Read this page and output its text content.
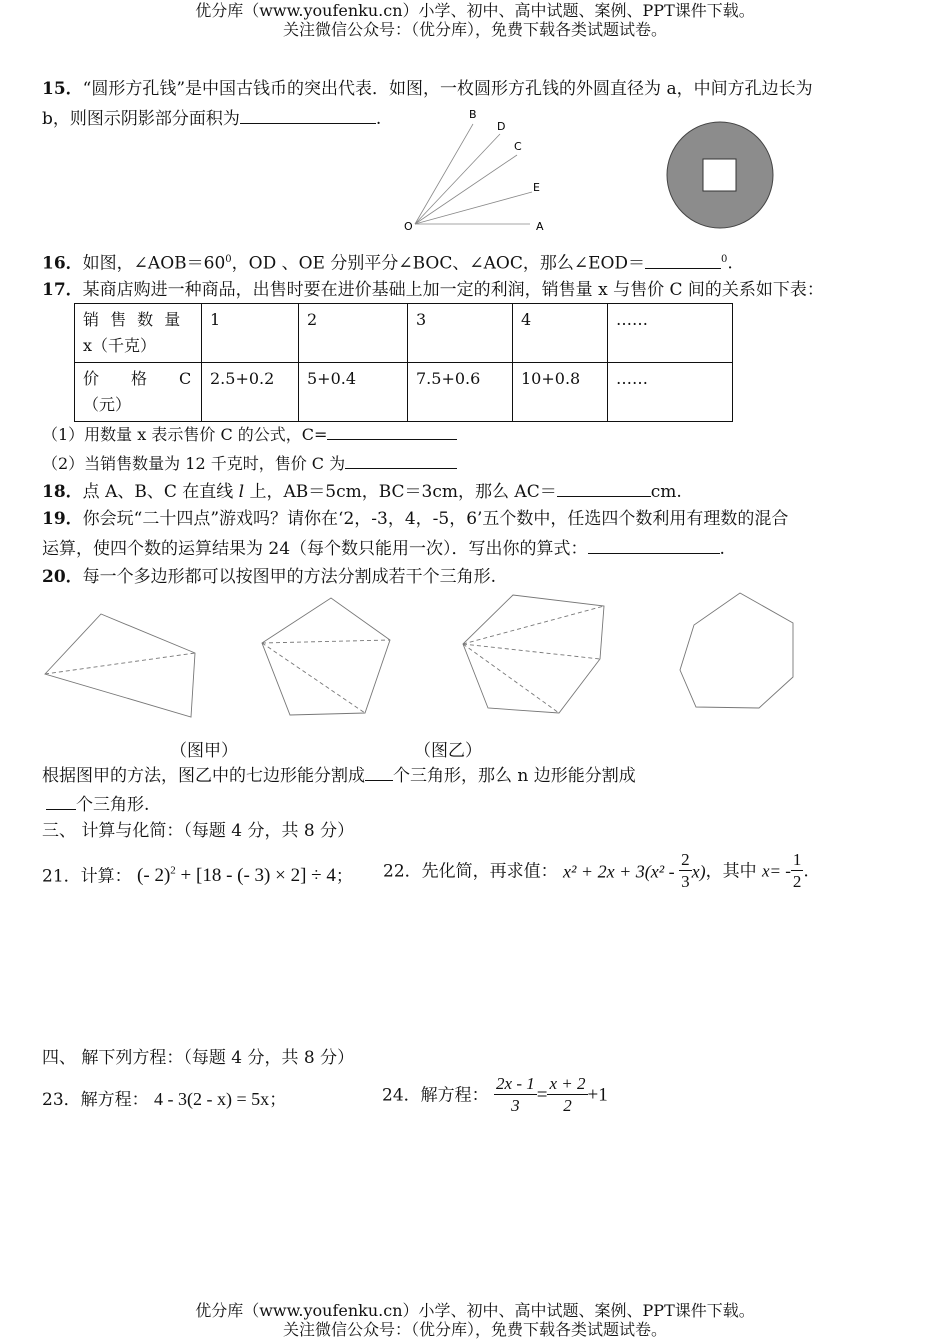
优分库（www.youfenku.cn）小学、初中、高中试题、案例、PPT课件下载。
关注微信公众号：（优分库），免费下载各类试题试卷。
15．“圆形方孔钱”是中国古钱币的突出代表．如图，一枚圆形方孔钱的外圆直径为 a，中间方孔边长为
b，则图示阴影部分面积为	.	B
D
C
E
O	A
16．如图，$\angle AOB=60^0$，OD 、OE 分别平分∠BOC、∠AOC，那么∠EOD＝	$^0$.
17．某商店购进一种商品，出售时要在进价基础上加一定的利润，销售量 x 与售价 C 间的关系如下表：
销 售 数 量
x（千克）	1	2	3	4	……

价　　格　　C
（元）	2.5+0.2	5+0.4	7.5+0.6	10+0.8	……
（1）用数量 x 表示售价 C 的公式，C=
（2）当销售数量为 12 千克时，售价 C 为
18．点 A、B、C 在直线 l 上，AB＝5cm，BC＝3cm，那么 AC＝	cm.
19．你会玩“二十四点”游戏吗？请你在‘2，-3，4，-5，6’五个数中，任选四个数利用有理数的混合
运算，使四个数的运算结果为 24（每个数只能用一次）．写出你的算式：	.
20．每一个多边形都可以按图甲的方法分割成若干个三角形.
（图甲）	（图乙）
根据图甲的方法，图乙中的七边形能分割成 个三角形，那么 n 边形能分割成
个三角形.
三、 计算与化简：（每题 4 分，共 8 分）
21．计算： (- 2)$^2$ + [18 - (- 3) × 2] ÷ 4； 22．先化简，再求值： $x^2 + 2x + 3(x^2 - \frac{2}{3} x)$，其中 $x= - \frac{1}{2}$ .
四、 解下列方程：（每题 4 分，共 8 分）
23．解方程： 4 - 3(2 - x) = 5x；	24．解方程： $\frac{2x - 1}{3} = \frac{x + 2}{2} +1$
优分库（www.youfenku.cn）小学、初中、高中试题、案例、PPT课件下载。
关注微信公众号：（优分库），免费下载各类试题试卷。
